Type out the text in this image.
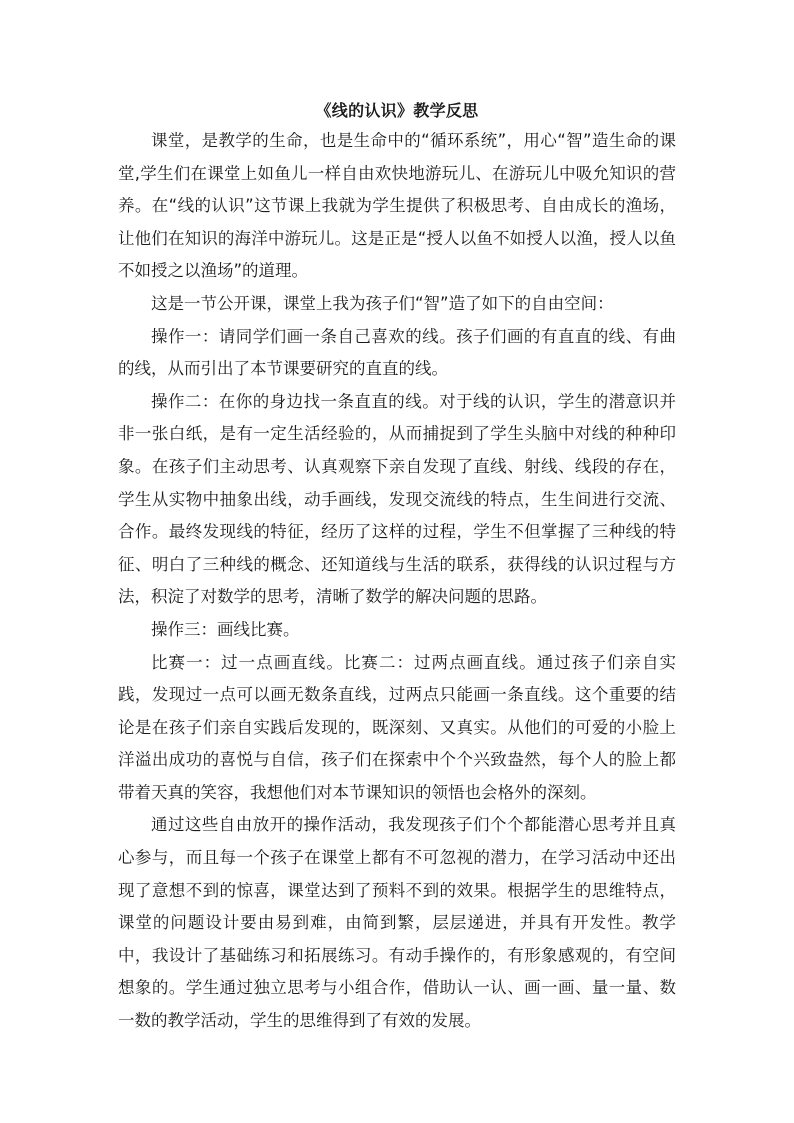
《线的认识》教学反思

课堂，是教学的生命，也是生命中的“循环系统”，用心“智”造生命的课堂,学生们在课堂上如鱼儿一样自由欢快地游玩儿、在游玩儿中吸允知识的营养。在“线的认识”这节课上我就为学生提供了积极思考、自由成长的渔场，让他们在知识的海洋中游玩儿。这是正是“授人以鱼不如授人以渔，授人以鱼不如授之以渔场”的道理。

这是一节公开课，课堂上我为孩子们“智”造了如下的自由空间：

操作一：请同学们画一条自己喜欢的线。孩子们画的有直直的线、有曲的线，从而引出了本节课要研究的直直的线。

操作二：在你的身边找一条直直的线。对于线的认识，学生的潜意识并非一张白纸，是有一定生活经验的，从而捕捉到了学生头脑中对线的种种印象。在孩子们主动思考、认真观察下亲自发现了直线、射线、线段的存在，学生从实物中抽象出线，动手画线，发现交流线的特点，生生间进行交流、合作。最终发现线的特征，经历了这样的过程，学生不但掌握了三种线的特征、明白了三种线的概念、还知道线与生活的联系，获得线的认识过程与方法，积淀了对数学的思考，清晰了数学的解决问题的思路。

操作三：画线比赛。

比赛一：过一点画直线。比赛二：过两点画直线。通过孩子们亲自实践，发现过一点可以画无数条直线，过两点只能画一条直线。这个重要的结论是在孩子们亲自实践后发现的，既深刻、又真实。从他们的可爱的小脸上洋溢出成功的喜悦与自信，孩子们在探索中个个兴致盎然，每个人的脸上都带着天真的笑容，我想他们对本节课知识的领悟也会格外的深刻。

通过这些自由放开的操作活动，我发现孩子们个个都能潜心思考并且真心参与，而且每一个孩子在课堂上都有不可忽视的潜力，在学习活动中还出现了意想不到的惊喜，课堂达到了预料不到的效果。根据学生的思维特点，课堂的问题设计要由易到难，由简到繁，层层递进，并具有开发性。教学中，我设计了基础练习和拓展练习。有动手操作的，有形象感观的，有空间想象的。学生通过独立思考与小组合作，借助认一认、画一画、量一量、数一数的教学活动，学生的思维得到了有效的发展。
